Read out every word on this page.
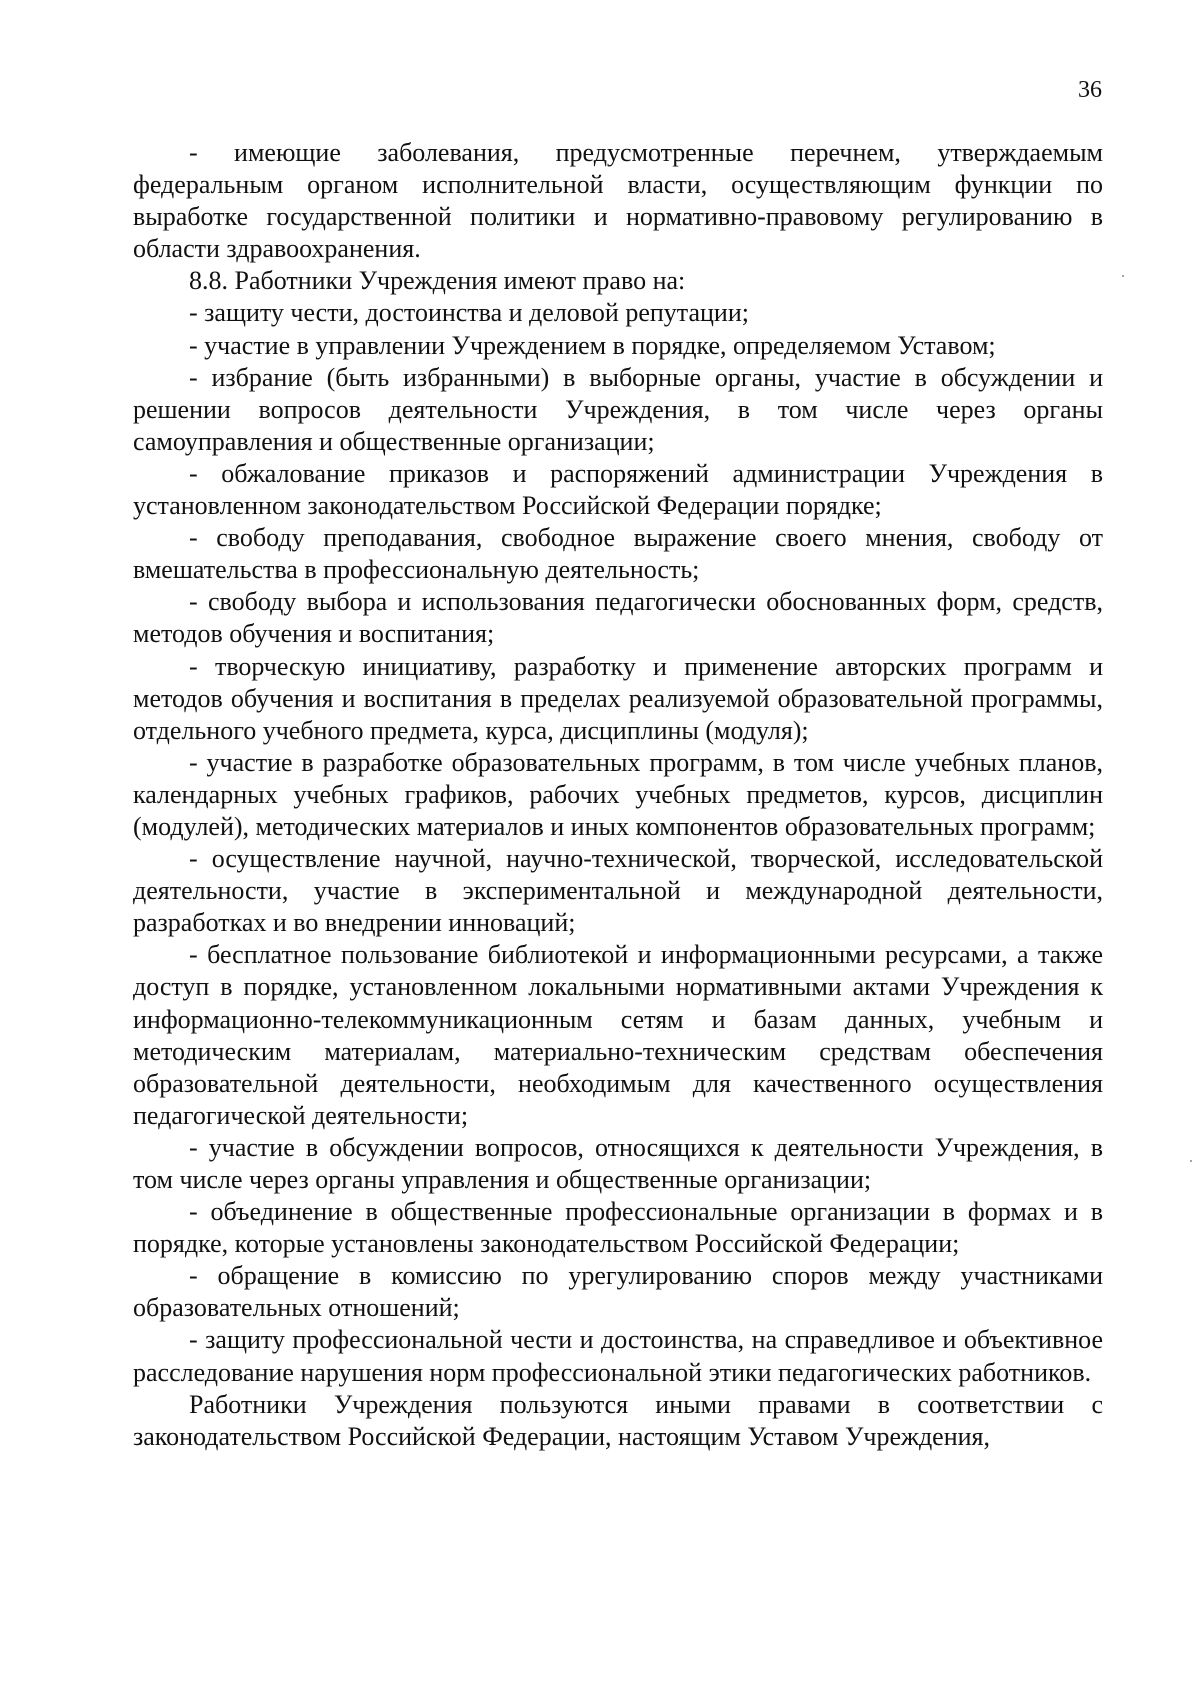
36

- имеющие заболевания, предусмотренные перечнем, утверждаемым федеральным органом исполнительной власти, осуществляющим функции по выработке государственной политики и нормативно-правовому регулированию в области здравоохранения.

8.8. Работники Учреждения имеют право на:

- защиту чести, достоинства и деловой репутации;

- участие в управлении Учреждением в порядке, определяемом Уставом;

- избрание (быть избранными) в выборные органы, участие в обсуждении и решении вопросов деятельности Учреждения, в том числе через органы самоуправления и общественные организации;

- обжалование приказов и распоряжений администрации Учреждения в установленном законодательством Российской Федерации порядке;

- свободу преподавания, свободное выражение своего мнения, свободу от вмешательства в профессиональную деятельность;

- свободу выбора и использования педагогически обоснованных форм, средств, методов обучения и воспитания;

- творческую инициативу, разработку и применение авторских программ и методов обучения и воспитания в пределах реализуемой образовательной программы, отдельного учебного предмета, курса, дисциплины (модуля);

- участие в разработке образовательных программ, в том числе учебных планов, календарных учебных графиков, рабочих учебных предметов, курсов, дисциплин (модулей), методических материалов и иных компонентов образовательных программ;

- осуществление научной, научно-технической, творческой, исследовательской деятельности, участие в экспериментальной и международной деятельности, разработках и во внедрении инноваций;

- бесплатное пользование библиотекой и информационными ресурсами, а также доступ в порядке, установленном локальными нормативными актами Учреждения к информационно-телекоммуникационным сетям и базам данных, учебным и методическим материалам, материально-техническим средствам обеспечения образовательной деятельности, необходимым для качественного осуществления педагогической деятельности;

- участие в обсуждении вопросов, относящихся к деятельности Учреждения, в том числе через органы управления и общественные организации;

- объединение в общественные профессиональные организации в формах и в порядке, которые установлены законодательством Российской Федерации;

- обращение в комиссию по урегулированию споров между участниками образовательных отношений;

- защиту профессиональной чести и достоинства, на справедливое и объективное расследование нарушения норм профессиональной этики педагогических работников.

Работники Учреждения пользуются иными правами в соответствии с законодательством Российской Федерации, настоящим Уставом Учреждения,
